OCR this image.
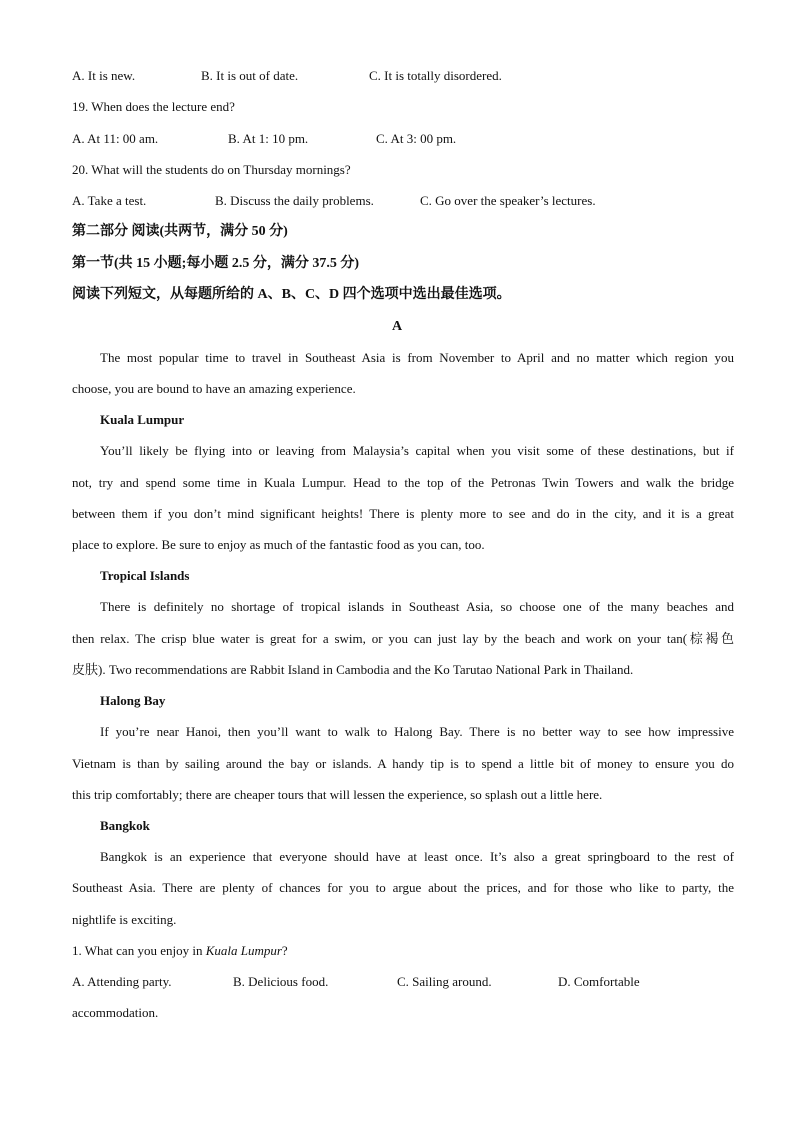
A. It is new.	B. It is out of date.	C. It is totally disordered.
19. When does the lecture end?
A. At 11: 00 am.	B. At 1: 10 pm.	C. At 3: 00 pm.
20. What will the students do on Thursday mornings?
A. Take a test.	B. Discuss the daily problems.	C. Go over the speaker’s lectures.
第二部分 阅读(共两节，满分 50 分)
第一节(共 15 小题;每小题 2.5 分，满分 37.5 分)
阅读下列短文，从每题所给的 A、B、C、D 四个选项中选出最佳选项。
A
The most popular time to travel in Southeast Asia is from November to April and no matter which region you
choose, you are bound to have an amazing experience.
Kuala Lumpur
You’ll likely be flying into or leaving from Malaysia’s capital when you visit some of these destinations, but if
not, try and spend some time in Kuala Lumpur. Head to the top of the Petronas Twin Towers and walk the bridge
between them if you don’t mind significant heights! There is plenty more to see and do in the city, and it is a great
place to explore. Be sure to enjoy as much of the fantastic food as you can, too.
Tropical Islands
There is definitely no shortage of tropical islands in Southeast Asia, so choose one of the many beaches and
then relax. The crisp blue water is great for a swim, or you can just lay by the beach and work on your tan(棕褐色
皮肤). Two recommendations are Rabbit Island in Cambodia and the Ko Tarutao National Park in Thailand.
Halong Bay
If you’re near Hanoi, then you’ll want to walk to Halong Bay. There is no better way to see how impressive
Vietnam is than by sailing around the bay or islands. A handy tip is to spend a little bit of money to ensure you do
this trip comfortably; there are cheaper tours that will lessen the experience, so splash out a little here.
Bangkok
Bangkok is an experience that everyone should have at least once. It’s also a great springboard to the rest of
Southeast Asia. There are plenty of chances for you to argue about the prices, and for those who like to party, the
nightlife is exciting.
1. What can you enjoy in Kuala Lumpur?
A. Attending party.	B. Delicious food.	C. Sailing around.	D. Comfortable
accommodation.
